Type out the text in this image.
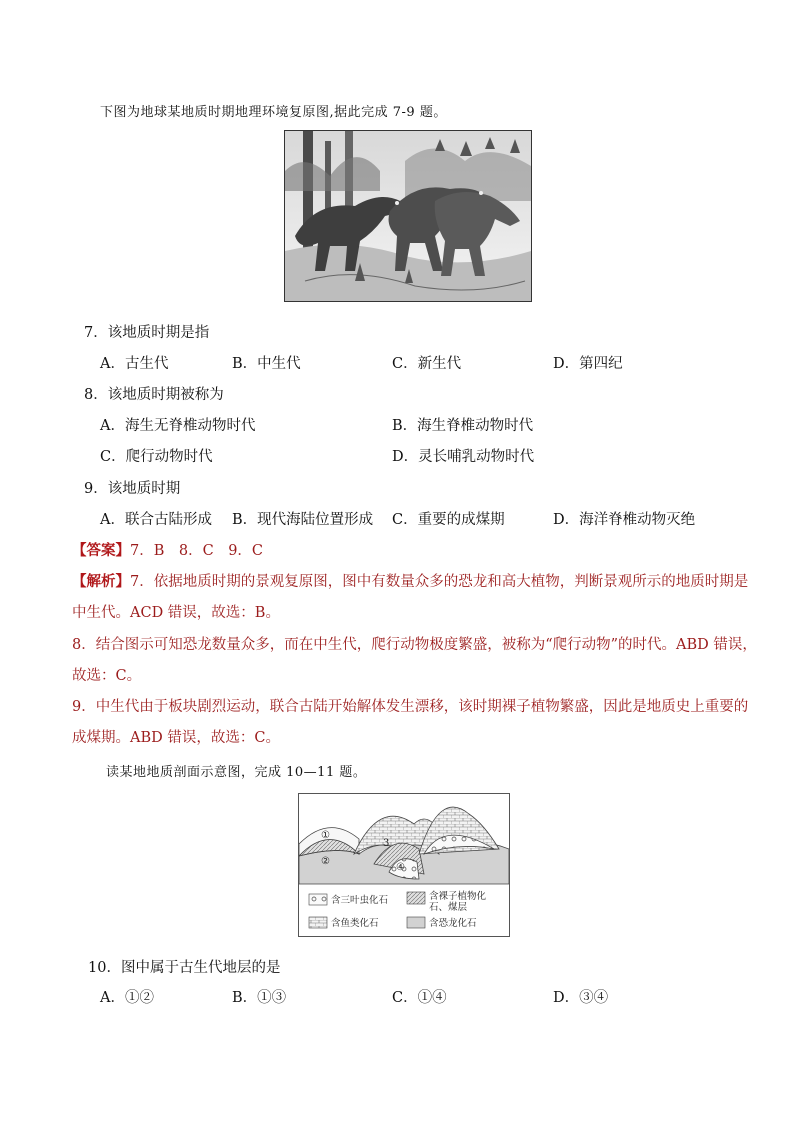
下图为地球某地质时期地理环境复原图,据此完成 7-9 题。
7．该地质时期是指
A．古生代	B．中生代	C．新生代	D．第四纪
8．该地质时期被称为
A．海生无脊椎动物时代	B．海生脊椎动物时代
C．爬行动物时代	D．灵长哺乳动物时代
9．该地质时期
A．联合古陆形成 B．现代海陆位置形成 C．重要的成煤期	D．海洋脊椎动物灭绝
【答案】7．B　8．C　9．C
【解析】7．依据地质时期的景观复原图，图中有数量众多的恐龙和高大植物，判断景观所示的地质时期是
中生代。ACD 错误，故选：B。
8．结合图示可知恐龙数量众多，而在中生代，爬行动物极度繁盛，被称为“爬行动物”的时代。ABD 错误，
故选：C。
9．中生代由于板块剧烈运动，联合古陆开始解体发生漂移，该时期裸子植物繁盛，因此是地质史上重要的
成煤期。ABD 错误，故选：C。
读某地地质剖面示意图，完成 10—11 题。
①
②
3
④
含三叶虫化石	含裸子植物化
石、煤层
含鱼类化石	含恐龙化石
10．图中属于古生代地层的是
A．①②	B．①③	C．①④	D．③④
